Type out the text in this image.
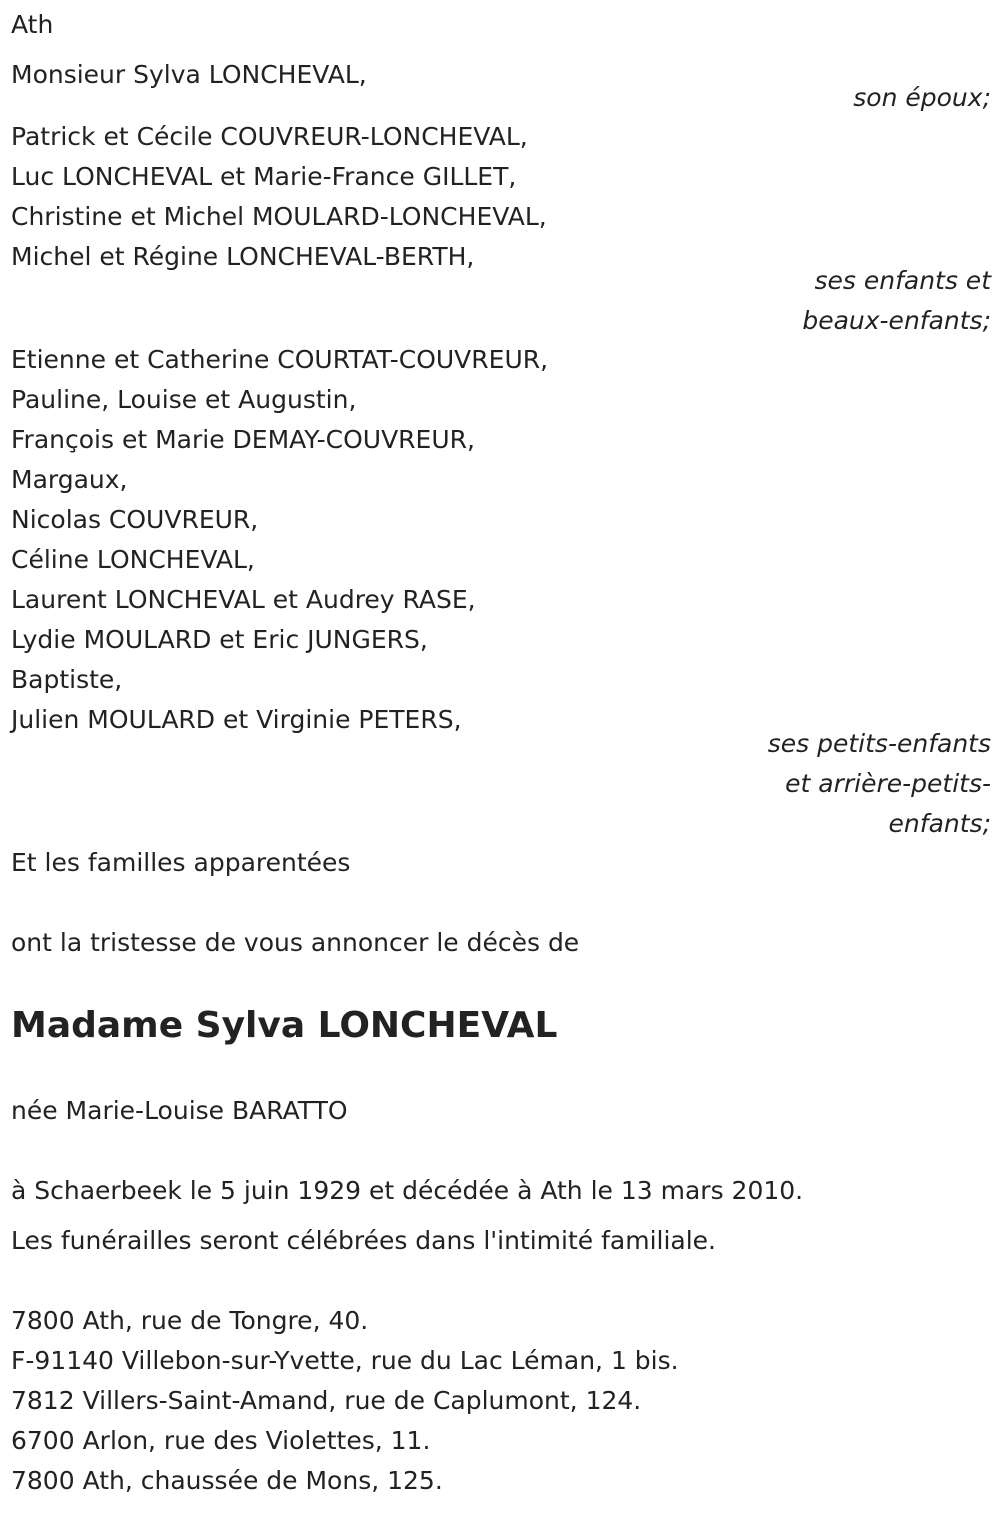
Ath
Monsieur Sylva LONCHEVAL,
son époux;
Patrick et Cécile COUVREUR-LONCHEVAL,
Luc LONCHEVAL et Marie-France GILLET,
Christine et Michel MOULARD-LONCHEVAL,
Michel et Régine LONCHEVAL-BERTH,
ses enfants et
beaux-enfants;
Etienne et Catherine COURTAT-COUVREUR,
Pauline, Louise et Augustin,
François et Marie DEMAY-COUVREUR,
Margaux,
Nicolas COUVREUR,
Céline LONCHEVAL,
Laurent LONCHEVAL et Audrey RASE,
Lydie MOULARD et Eric JUNGERS,
Baptiste,
Julien MOULARD et Virginie PETERS,
ses petits-enfants
et arrière-petits-
enfants;
Et les familles apparentées
ont la tristesse de vous annoncer le décès de
Madame Sylva LONCHEVAL
née Marie-Louise BARATTO
à Schaerbeek le 5 juin 1929 et décédée à Ath le 13 mars 2010.
Les funérailles seront célébrées dans l'intimité familiale.
7800 Ath, rue de Tongre, 40.
F-91140 Villebon-sur-Yvette, rue du Lac Léman, 1 bis.
7812 Villers-Saint-Amand, rue de Caplumont, 124.
6700 Arlon, rue des Violettes, 11.
7800 Ath, chaussée de Mons, 125.
